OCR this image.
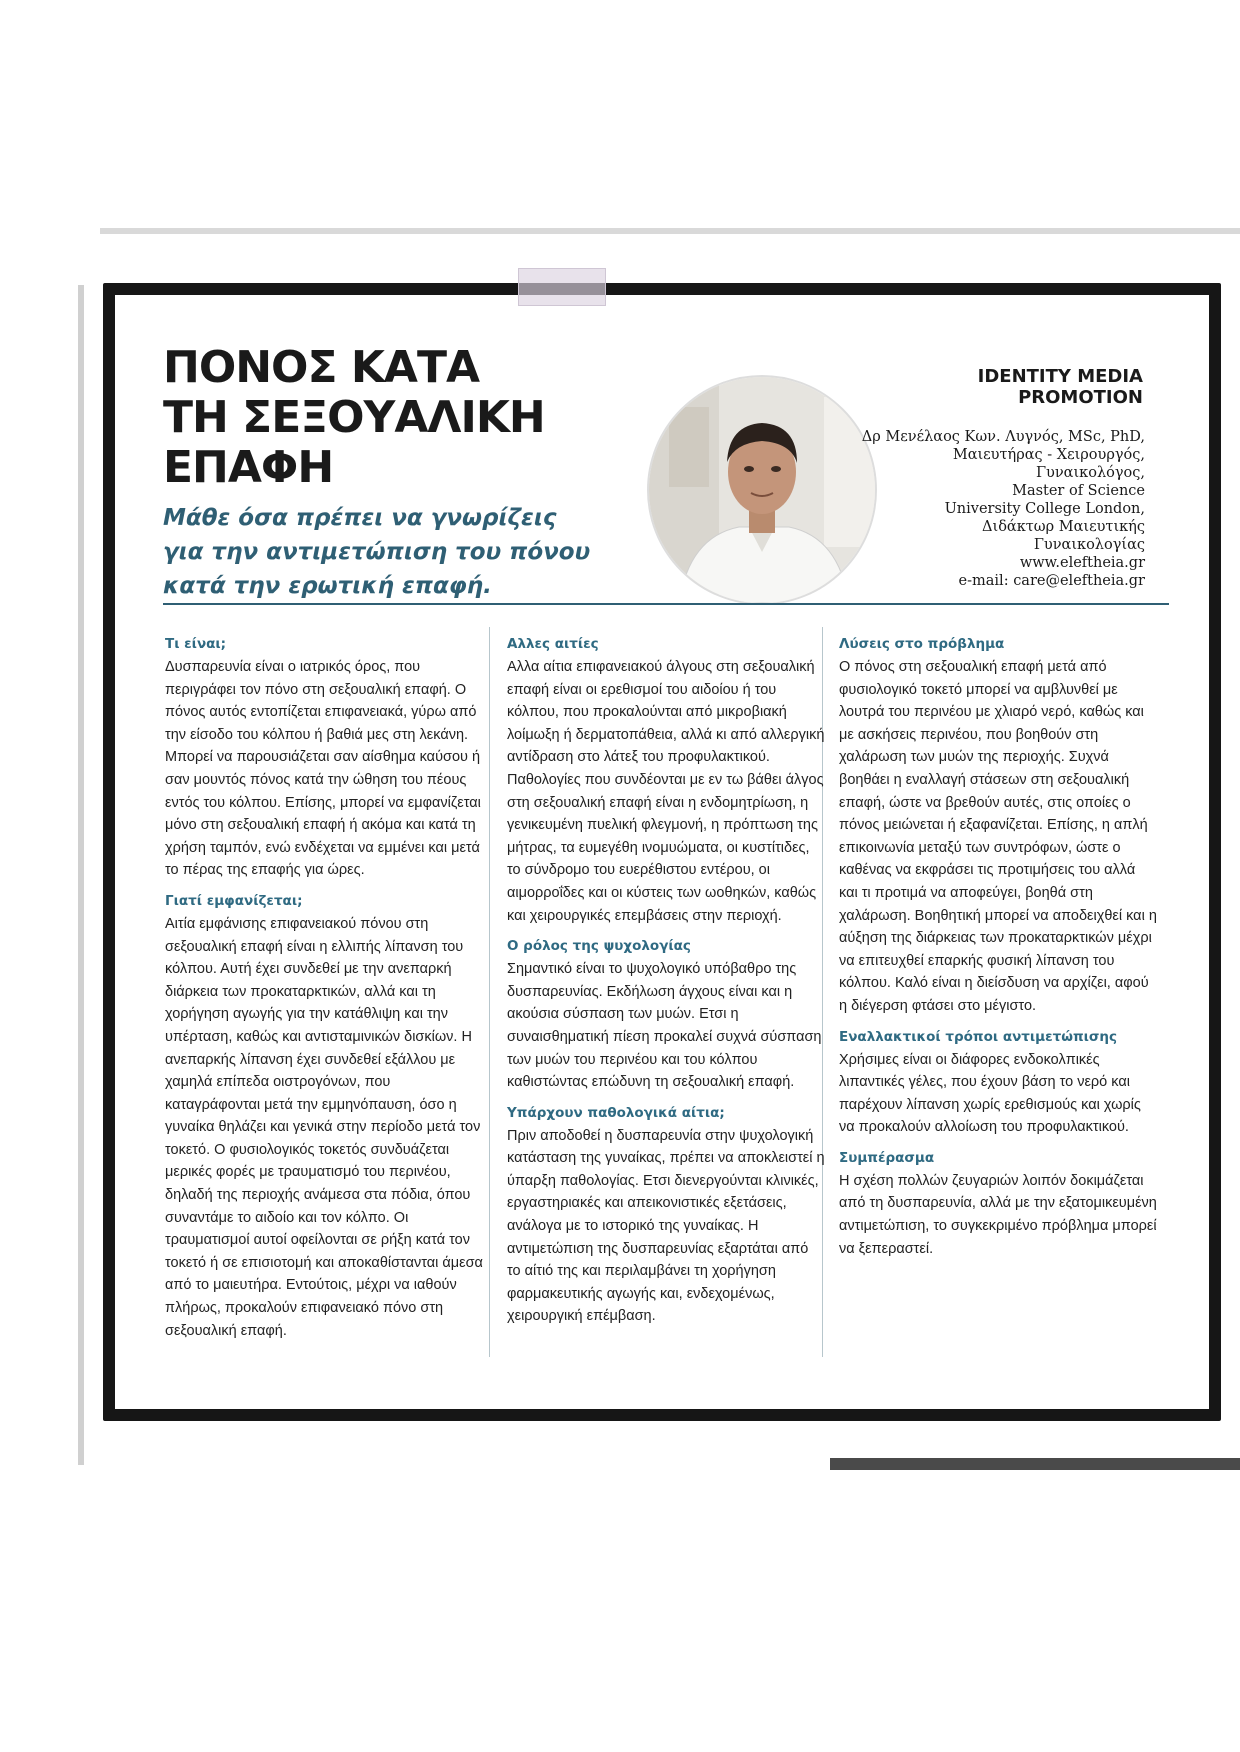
ΠΟΝΟΣ ΚΑΤΑ
ΤΗ ΣΕΞΟΥΑΛΙΚΗ
ΕΠΑΦΗ

Μάθε όσα πρέπει να γνωρίζεις για την αντιμετώπιση του πόνου κατά την ερωτική επαφή.

IDENTITY MEDIA
PROMOTION
Δρ Μενέλαος Κων. Λυγνός, MSc, PhD,
Μαιευτήρας - Χειρουργός,
Γυναικολόγος,
Master of Science
University College London,
Διδάκτωρ Μαιευτικής
Γυναικολογίας
www.eleftheia.gr
e-mail: care@eleftheia.gr
Τι είναι;

Δυσπαρευνία είναι ο ιατρικός όρος, που περιγράφει τον πόνο στη σεξουαλική επαφή. Ο πόνος αυτός εντοπίζεται επιφανειακά, γύρω από την είσοδο του κόλπου ή βαθιά μες στη λεκάνη. Μπορεί να παρουσιάζεται σαν αίσθημα καύσου ή σαν μουντός πόνος κατά την ώθηση του πέους εντός του κόλπου. Επίσης, μπορεί να εμφανίζεται μόνο στη σεξουαλική επαφή ή ακόμα και κατά τη χρήση ταμπόν, ενώ ενδέχεται να εμμένει και μετά το πέρας της επαφής για ώρες.

Γιατί εμφανίζεται;

Αιτία εμφάνισης επιφανειακού πόνου στη σεξουαλική επαφή είναι η ελλιπής λίπανση του κόλπου. Αυτή έχει συνδεθεί με την ανεπαρκή διάρκεια των προκαταρκτικών, αλλά και τη χορήγηση αγωγής για την κατάθλιψη και την υπέρταση, καθώς και αντισταμινικών δισκίων. Η ανεπαρκής λίπανση έχει συνδεθεί εξάλλου με χαμηλά επίπεδα οιστρογόνων, που καταγράφονται μετά την εμμηνόπαυση, όσο η γυναίκα θηλάζει και γενικά στην περίοδο μετά τον τοκετό. Ο φυσιολογικός τοκετός συνδυάζεται μερικές φορές με τραυματισμό του περινέου, δηλαδή της περιοχής ανάμεσα στα πόδια, όπου συναντάμε το αιδοίο και τον κόλπο. Οι τραυματισμοί αυτοί οφείλονται σε ρήξη κατά τον τοκετό ή σε επισιοτομή και αποκαθίστανται άμεσα από το μαιευτήρα. Εντούτοις, μέχρι να ιαθούν πλήρως, προκαλούν επιφανειακό πόνο στη σεξουαλική επαφή.

Αλλες αιτίες

Αλλα αίτια επιφανειακού άλγους στη σεξουαλική επαφή είναι οι ερεθισμοί του αιδοίου ή του κόλπου, που προκαλούνται από μικροβιακή λοίμωξη ή δερματοπάθεια, αλλά κι από αλλεργική αντίδραση στο λάτεξ του προφυλακτικού. Παθολογίες που συνδέονται με εν τω βάθει άλγος στη σεξουαλική επαφή είναι η ενδομητρίωση, η γενικευμένη πυελική φλεγμονή, η πρόπτωση της μήτρας, τα ευμεγέθη ινομυώματα, οι κυστίτιδες, το σύνδρομο του ευερέθιστου εντέρου, οι αιμορροΐδες και οι κύστεις των ωοθηκών, καθώς και χειρουργικές επεμβάσεις στην περιοχή.

Ο ρόλος της ψυχολογίας

Σημαντικό είναι το ψυχολογικό υπόβαθρο της δυσπαρευνίας. Εκδήλωση άγχους είναι και η ακούσια σύσπαση των μυών. Ετσι η συναισθηματική πίεση προκαλεί συχνά σύσπαση των μυών του περινέου και του κόλπου καθιστώντας επώδυνη τη σεξουαλική επαφή.

Υπάρχουν παθολογικά αίτια;

Πριν αποδοθεί η δυσπαρευνία στην ψυχολογική κατάσταση της γυναίκας, πρέπει να αποκλειστεί η ύπαρξη παθολογίας. Ετσι διενεργούνται κλινικές, εργαστηριακές και απεικονιστικές εξετάσεις, ανάλογα με το ιστορικό της γυναίκας. Η αντιμετώπιση της δυσπαρευνίας εξαρτάται από το αίτιό της και περιλαμβάνει τη χορήγηση φαρμακευτικής αγωγής και, ενδεχομένως, χειρουργική επέμβαση.

Λύσεις στο πρόβλημα

Ο πόνος στη σεξουαλική επαφή μετά από φυσιολογικό τοκετό μπορεί να αμβλυνθεί με λουτρά του περινέου με χλιαρό νερό, καθώς και με ασκήσεις περινέου, που βοηθούν στη χαλάρωση των μυών της περιοχής. Συχνά βοηθάει η εναλλαγή στάσεων στη σεξουαλική επαφή, ώστε να βρεθούν αυτές, στις οποίες ο πόνος μειώνεται ή εξαφανίζεται. Επίσης, η απλή επικοινωνία μεταξύ των συντρόφων, ώστε ο καθένας να εκφράσει τις προτιμήσεις του αλλά και τι προτιμά να αποφεύγει, βοηθά στη χαλάρωση. Βοηθητική μπορεί να αποδειχθεί και η αύξηση της διάρκειας των προκαταρκτικών μέχρι να επιτευχθεί επαρκής φυσική λίπανση του κόλπου. Καλό είναι η διείσδυση να αρχίζει, αφού η διέγερση φτάσει στο μέγιστο.

Εναλλακτικοί τρόποι αντιμετώπισης

Χρήσιμες είναι οι διάφορες ενδοκολπικές λιπαντικές γέλες, που έχουν βάση το νερό και παρέχουν λίπανση χωρίς ερεθισμούς και χωρίς να προκαλούν αλλοίωση του προφυλακτικού.

Συμπέρασμα

Η σχέση πολλών ζευγαριών λοιπόν δοκιμάζεται από τη δυσπαρευνία, αλλά με την εξατομικευμένη αντιμετώπιση, το συγκεκριμένο πρόβλημα μπορεί να ξεπεραστεί.
